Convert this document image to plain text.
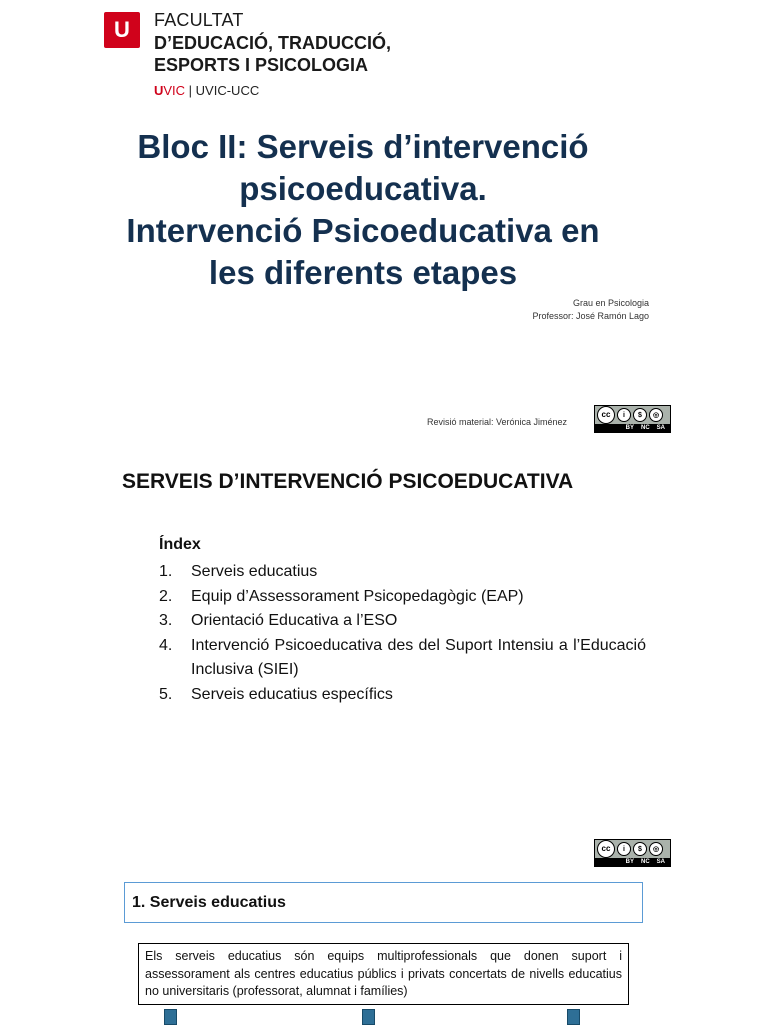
U	FACULTAT
D’EDUCACIÓ, TRADUCCIÓ,
ESPORTS I PSICOLOGIA
UVIC | UVIC-UCC
Bloc II: Serveis d’intervenció
psicoeducativa.
Intervenció Psicoeducativa en
les diferents etapes
Grau en Psicologia
Professor: José Ramón Lago
Revisió material: Verónica Jiménez
cc	i	$	◎
BY NC SA
SERVEIS D’INTERVENCIÓ PSICOEDUCATIVA
Índex
1.	Serveis educatius
2.	Equip d’Assessorament Psicopedagògic (EAP)
3.	Orientació Educativa a l’ESO
4.	Intervenció Psicoeducativa des del Suport Intensiu a l’Educació Inclusiva (SIEI)
5.	Serveis educatius específics
cc	i	$	◎
BY NC SA
1. Serveis educatius
Els serveis educatius són equips multiprofessionals que donen suport i assessorament als centres educatius públics i privats concertats de nivells educatius no universitaris (professorat, alumnat i famílies)
